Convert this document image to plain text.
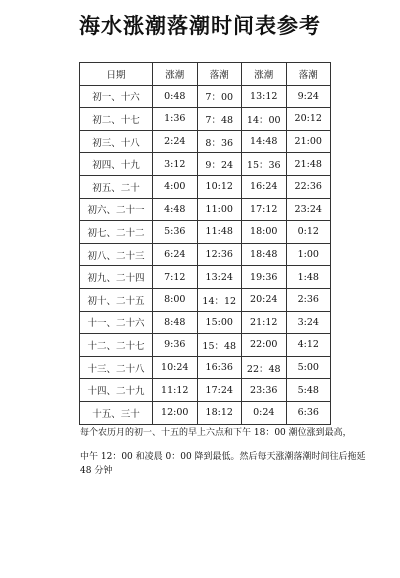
海水涨潮落潮时间表参考
日期	涨潮	落潮	涨潮	落潮
初一、十六	0:48	7：00	13:12	9:24
初二、十七	1:36	7：48	14：00	20:12
初三、十八	2:24	8：36	14:48	21:00
初四、十九	3:12	9：24	15：36	21:48
初五、二十	4:00	10:12	16:24	22:36
初六、二十一	4:48	11:00	17:12	23:24
初七、二十二	5:36	11:48	18:00	0:12
初八、二十三	6:24	12:36	18:48	1:00
初九、二十四	7:12	13:24	19:36	1:48
初十、二十五	8:00	14：12	20:24	2:36
十一、二十六	8:48	15:00	21:12	3:24
十二、二十七	9:36	15：48	22:00	4:12
十三、二十八	10:24	16:36	22：48	5:00
十四、二十九	11:12	17:24	23:36	5:48
十五、三十	12:00	18:12	0:24	6:36

每个农历月的初一、十五的早上六点和下午 18：00 潮位涨到最高，

中午 12：00 和凌晨 0：00 降到最低。然后每天涨潮落潮时间往后拖延 48 分钟
